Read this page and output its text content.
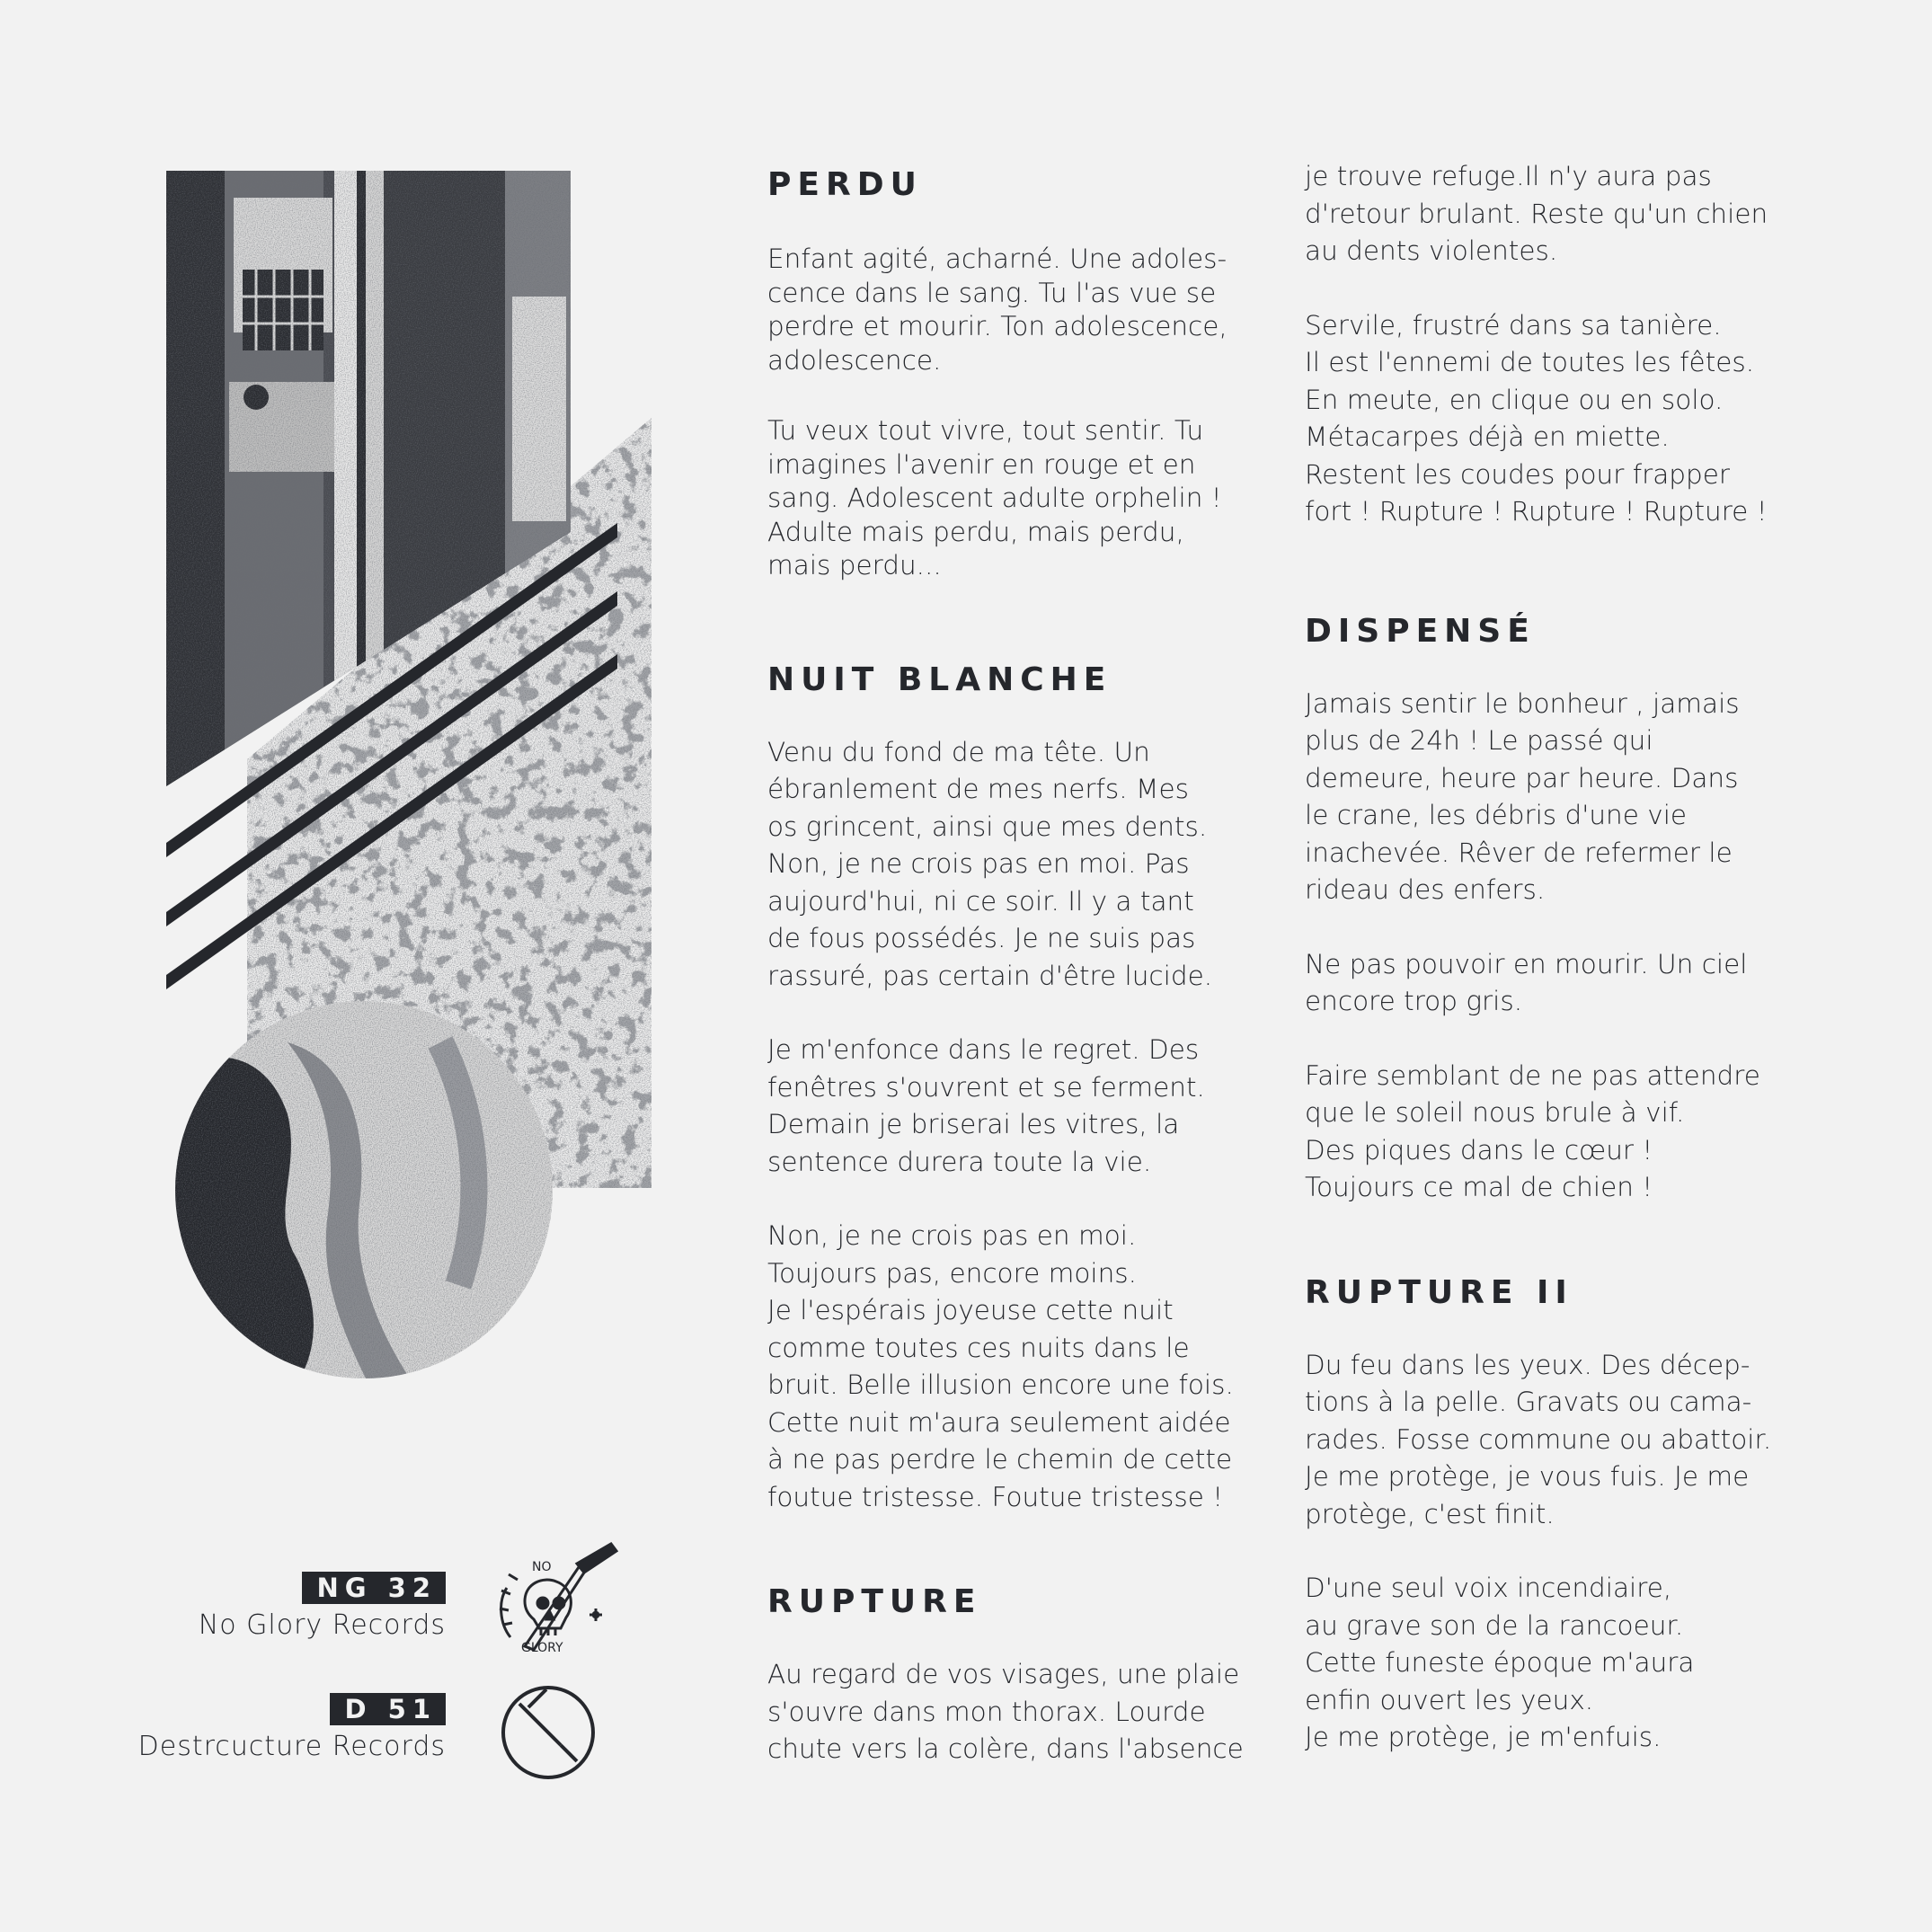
PERDU

Enfant agité, acharné. Une adoles-
cence dans le sang. Tu l'as vue se
perdre et mourir. Ton adolescence,
adolescence.

Tu veux tout vivre, tout sentir. Tu
imagines l'avenir en rouge et en
sang. Adolescent adulte orphelin !
Adulte mais perdu, mais perdu,
mais perdu...

NUIT BLANCHE

Venu du fond de ma tête. Un
ébranlement de mes nerfs. Mes
os grincent, ainsi que mes dents.
Non, je ne crois pas en moi. Pas
aujourd'hui, ni ce soir. Il y a tant
de fous possédés. Je ne suis pas
rassuré, pas certain d'être lucide.

Je m'enfonce dans le regret. Des
fenêtres s'ouvrent et se ferment.
Demain je briserai les vitres, la
sentence durera toute la vie.

Non, je ne crois pas en moi.
Toujours pas, encore moins.
Je l'espérais joyeuse cette nuit
comme toutes ces nuits dans le
bruit. Belle illusion encore une fois.
Cette nuit m'aura seulement aidée
à ne pas perdre le chemin de cette
foutue tristesse. Foutue tristesse !

RUPTURE

Au regard de vos visages, une plaie
s'ouvre dans mon thorax. Lourde
chute vers la colère, dans l'absence

je trouve refuge.Il n'y aura pas
d'retour brulant. Reste qu'un chien
au dents violentes.

Servile, frustré dans sa tanière.
Il est l'ennemi de toutes les fêtes.
En meute, en clique ou en solo.
Métacarpes déjà en miette.
Restent les coudes pour frapper
fort ! Rupture ! Rupture ! Rupture !

DISPENSÉ

Jamais sentir le bonheur , jamais
plus de 24h ! Le passé qui
demeure, heure par heure. Dans
le crane, les débris d'une vie
inachevée. Rêver de refermer le
rideau des enfers.

Ne pas pouvoir en mourir. Un ciel
encore trop gris.

Faire semblant de ne pas attendre
que le soleil nous brule à vif.
Des piques dans le cœur !
Toujours ce mal de chien !

RUPTURE II

Du feu dans les yeux. Des décep-
tions à la pelle. Gravats ou cama-
rades. Fosse commune ou abattoir.
Je me protège, je vous fuis. Je me
protège, c'est finit.

D'une seul voix incendiaire,
au grave son de la rancoeur.
Cette funeste époque m'aura
enfin ouvert les yeux.
Je me protège, je m'enfuis.

NG 32
No Glory Records
NO
GLORY
D 51
Destrcucture Records
